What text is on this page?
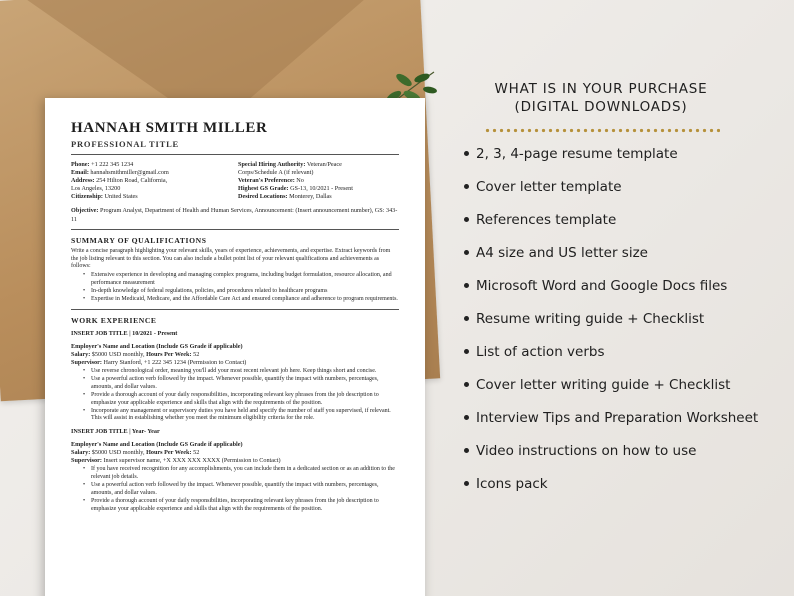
HANNAH SMITH MILLER
PROFESSIONAL TITLE
Phone: +1 222 345 1234
Email: hannahsmithmiller@gmail.com
Address: 254 Hilton Road, California,
Los Angeles, 13200
Citizenship: United States
Special Hiring Authority: Veteran/Peace
Corps/Schedule A (if relevant)
Veteran's Preference: No
Highest GS Grade: GS-13, 10/2021 - Present
Desired Locations: Monterey, Dallas
Objective: Program Analyst, Department of Health and Human Services, Announcement: (Insert announcement number), GS: 343-11
SUMMARY OF QUALIFICATIONS
Write a concise paragraph highlighting your relevant skills, years of experience, achievements, and expertise. Extract keywords from the job listing relevant to this section. You can also include a bullet point list of your relevant qualifications and achievements as follows:
• Extensive experience in developing and managing complex programs, including budget formulation, resource allocation, and performance measurement
• In-depth knowledge of federal regulations, policies, and procedures related to healthcare programs
• Expertise in Medicaid, Medicare, and the Affordable Care Act and ensured compliance and adherence to program requirements.
WORK EXPERIENCE
INSERT JOB TITLE | 10/2021 - Present
Employer's Name and Location (Include GS Grade if applicable)
Salary: $5000 USD monthly, Hours Per Week: 52
Supervisor: Harry Stanford, +1 222 345 1234 (Permission to Contact)
• Use reverse chronological order, meaning you'll add your most recent relevant job here. Keep things short and concise.
• Use a powerful action verb followed by the impact. Whenever possible, quantify the impact with numbers, percentages, amounts, and dollar values.
• Provide a thorough account of your daily responsibilities, incorporating relevant key phrases from the job description to emphasize your applicable experience and skills that align with the requirements of the position.
• Incorporate any management or supervisory duties you have held and specify the number of staff you supervised, if relevant. This will assist in establishing whether you meet the minimum eligibility criteria for the role.
INSERT JOB TITLE | Year- Year
Employer's Name and Location (Include GS Grade if applicable)
Salary: $5000 USD monthly, Hours Per Week: 52
Supervisor: Insert supervisor name, +X XXX XXX XXXX (Permission to Contact)
• If you have received recognition for any accomplishments, you can include them in a dedicated section or as an addition to the relevant job details.
• Use a powerful action verb followed by the impact. Whenever possible, quantify the impact with numbers, percentages, amounts, and dollar values.
• Provide a thorough account of your daily responsibilities, incorporating relevant key phrases from the job description to emphasize your applicable experience and skills that align with the requirements of the position.
WHAT IS IN YOUR PURCHASE
(DIGITAL DOWNLOADS)
2, 3, 4-page resume template
Cover letter template
References template
A4 size and US letter size
Microsoft Word and Google Docs files
Resume writing guide + Checklist
List of action verbs
Cover letter writing guide + Checklist
Interview Tips and Preparation Worksheet
Video instructions on how to use
Icons pack
